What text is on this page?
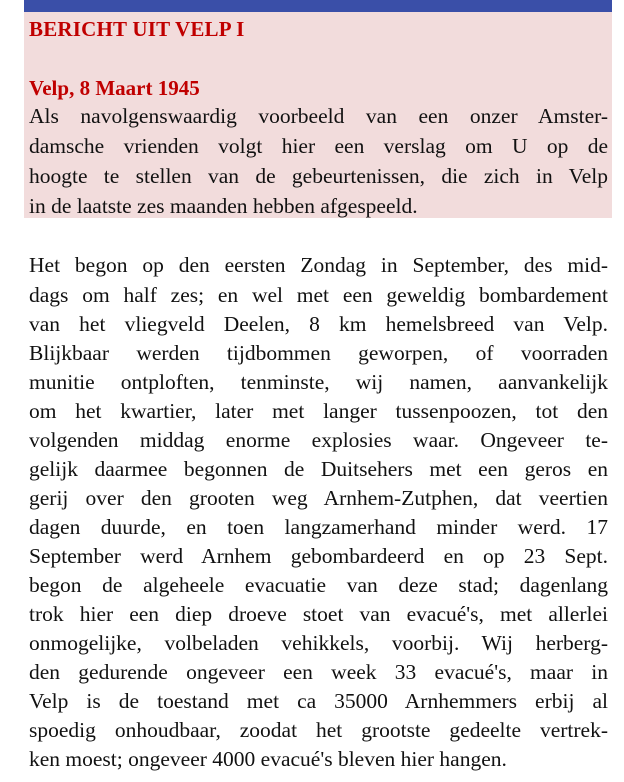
BERICHT UIT VELP I
Velp, 8 Maart 1945

Als navolgenswaardig voorbeeld van een onzer Amster-

damsche vrienden volgt hier een verslag om U op de

hoogte te stellen van de gebeurtenissen, die zich in Velp

in de laatste zes maanden hebben afgespeeld.

Het begon op den eersten Zondag in September, des mid-

dags om half zes; en wel met een geweldig bombardement

van het vliegveld Deelen, 8 km hemelsbreed van Velp.

Blijkbaar werden tijdbommen geworpen, of voorraden

munitie ontploften, tenminste, wij namen, aanvankelijk

om het kwartier, later met langer tussenpoozen, tot den

volgenden middag enorme explosies waar. Ongeveer te-

gelijk daarmee begonnen de Duitsehers met een geros en

gerij over den grooten weg Arnhem-Zutphen, dat veertien

dagen duurde, en toen langzamerhand minder werd. 17

September werd Arnhem gebombardeerd en op 23 Sept.

begon de algeheele evacuatie van deze stad; dagenlang

trok hier een diep droeve stoet van evacué's, met allerlei

onmogelijke, volbeladen vehikkels, voorbij. Wij herberg-

den gedurende ongeveer een week 33 evacué's, maar in

Velp is de toestand met ca 35000 Arnhemmers erbij al

spoedig onhoudbaar, zoodat het grootste gedeelte vertrek-

ken moest; ongeveer 4000 evacué's bleven hier hangen.
